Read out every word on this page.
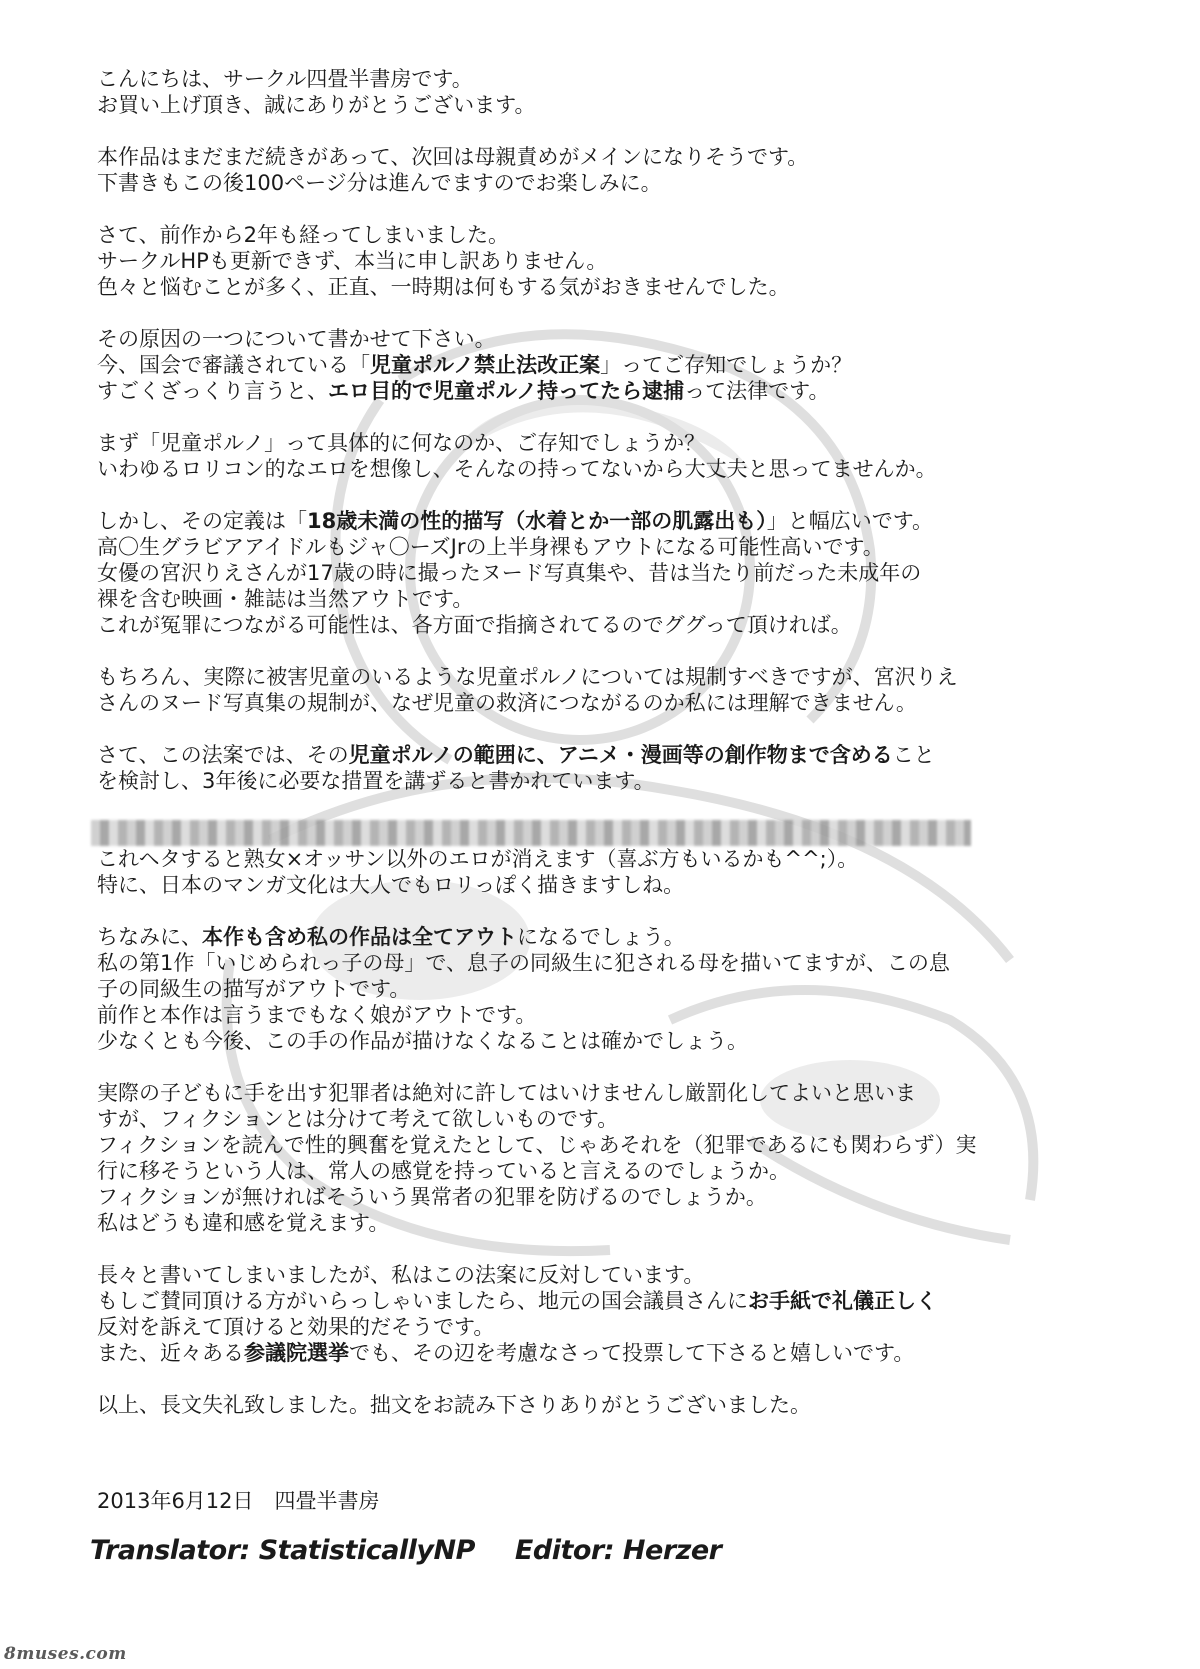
こんにちは、サークル四畳半書房です。
お買い上げ頂き、誠にありがとうございます。
本作品はまだまだ続きがあって、次回は母親責めがメインになりそうです。
下書きもこの後100ページ分は進んでますのでお楽しみに。
さて、前作から2年も経ってしまいました。
サークルHPも更新できず、本当に申し訳ありません。
色々と悩むことが多く、正直、一時期は何もする気がおきませんでした。
その原因の一つについて書かせて下さい。
今、国会で審議されている「児童ポルノ禁止法改正案」ってご存知でしょうか？
すごくざっくり言うと、エロ目的で児童ポルノ持ってたら逮捕って法律です。
まず「児童ポルノ」って具体的に何なのか、ご存知でしょうか？
いわゆるロリコン的なエロを想像し、そんなの持ってないから大丈夫と思ってませんか。
しかし、その定義は「18歳未満の性的描写（水着とか一部の肌露出も）」と幅広いです。
高〇生グラビアアイドルもジャ〇ーズJrの上半身裸もアウトになる可能性高いです。
女優の宮沢りえさんが17歳の時に撮ったヌード写真集や、昔は当たり前だった未成年の
裸を含む映画・雑誌は当然アウトです。
これが冤罪につながる可能性は、各方面で指摘されてるのでググって頂ければ。
もちろん、実際に被害児童のいるような児童ポルノについては規制すべきですが、宮沢りえ
さんのヌード写真集の規制が、なぜ児童の救済につながるのか私には理解できません。
さて、この法案では、その児童ポルノの範囲に、アニメ・漫画等の創作物まで含めること
を検討し、3年後に必要な措置を講ずると書かれています。
これヘタすると熟女×オッサン以外のエロが消えます（喜ぶ方もいるかも^^;）。
特に、日本のマンガ文化は大人でもロリっぽく描きますしね。
ちなみに、本作も含め私の作品は全てアウトになるでしょう。
私の第1作「いじめられっ子の母」で、息子の同級生に犯される母を描いてますが、この息
子の同級生の描写がアウトです。
前作と本作は言うまでもなく娘がアウトです。
少なくとも今後、この手の作品が描けなくなることは確かでしょう。
実際の子どもに手を出す犯罪者は絶対に許してはいけませんし厳罰化してよいと思いま
すが、フィクションとは分けて考えて欲しいものです。
フィクションを読んで性的興奮を覚えたとして、じゃあそれを（犯罪であるにも関わらず）実
行に移そうという人は、常人の感覚を持っていると言えるのでしょうか。
フィクションが無ければそういう異常者の犯罪を防げるのでしょうか。
私はどうも違和感を覚えます。
長々と書いてしまいましたが、私はこの法案に反対しています。
もしご賛同頂ける方がいらっしゃいましたら、地元の国会議員さんにお手紙で礼儀正しく
反対を訴えて頂けると効果的だそうです。
また、近々ある参議院選挙でも、その辺を考慮なさって投票して下さると嬉しいです。
以上、長文失礼致しました。拙文をお読み下さりありがとうございました。
2013年6月12日　 四畳半書房
Translator: StatisticallyNP Editor: Herzer
8muses.com
